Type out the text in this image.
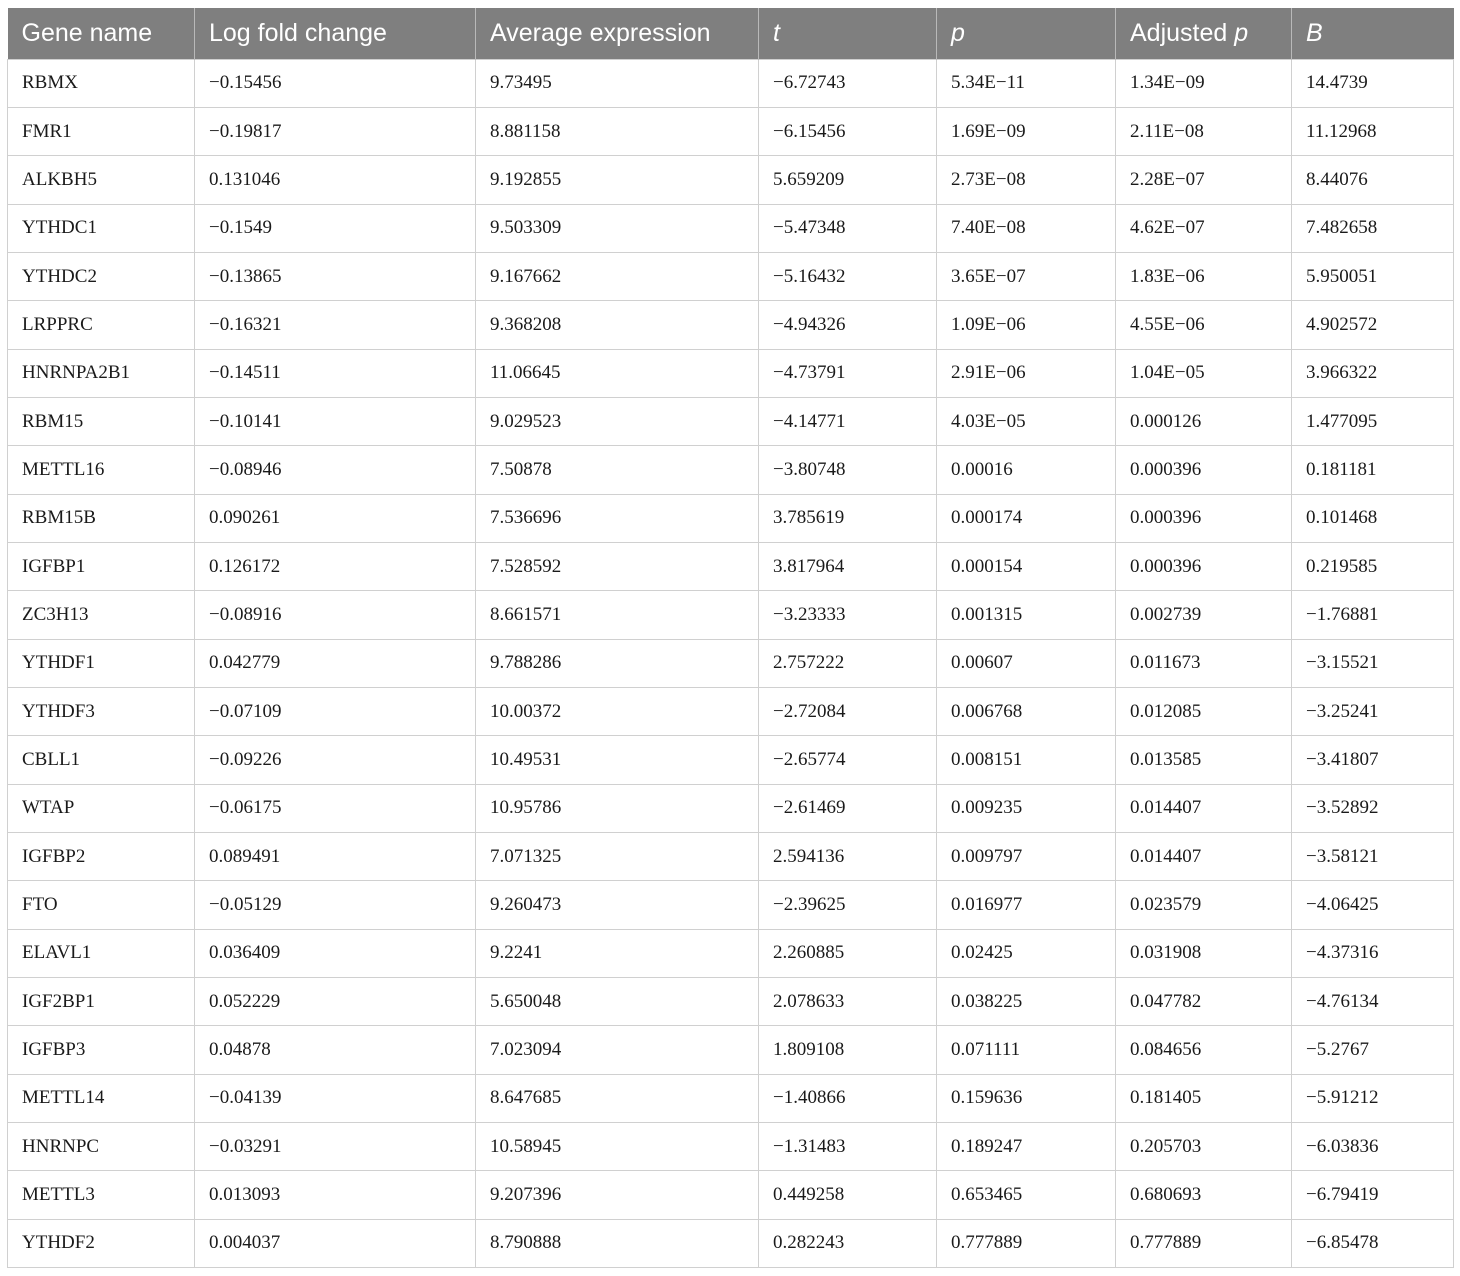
Gene name	Log fold change	Average expression	t	p	Adjusted p	B
RBMX	−0.15456	9.73495	−6.72743	5.34E−11	1.34E−09	14.4739
FMR1	−0.19817	8.881158	−6.15456	1.69E−09	2.11E−08	11.12968
ALKBH5	0.131046	9.192855	5.659209	2.73E−08	2.28E−07	8.44076
YTHDC1	−0.1549	9.503309	−5.47348	7.40E−08	4.62E−07	7.482658
YTHDC2	−0.13865	9.167662	−5.16432	3.65E−07	1.83E−06	5.950051
LRPPRC	−0.16321	9.368208	−4.94326	1.09E−06	4.55E−06	4.902572
HNRNPA2B1	−0.14511	11.06645	−4.73791	2.91E−06	1.04E−05	3.966322
RBM15	−0.10141	9.029523	−4.14771	4.03E−05	0.000126	1.477095
METTL16	−0.08946	7.50878	−3.80748	0.00016	0.000396	0.181181
RBM15B	0.090261	7.536696	3.785619	0.000174	0.000396	0.101468
IGFBP1	0.126172	7.528592	3.817964	0.000154	0.000396	0.219585
ZC3H13	−0.08916	8.661571	−3.23333	0.001315	0.002739	−1.76881
YTHDF1	0.042779	9.788286	2.757222	0.00607	0.011673	−3.15521
YTHDF3	−0.07109	10.00372	−2.72084	0.006768	0.012085	−3.25241
CBLL1	−0.09226	10.49531	−2.65774	0.008151	0.013585	−3.41807
WTAP	−0.06175	10.95786	−2.61469	0.009235	0.014407	−3.52892
IGFBP2	0.089491	7.071325	2.594136	0.009797	0.014407	−3.58121
FTO	−0.05129	9.260473	−2.39625	0.016977	0.023579	−4.06425
ELAVL1	0.036409	9.2241	2.260885	0.02425	0.031908	−4.37316
IGF2BP1	0.052229	5.650048	2.078633	0.038225	0.047782	−4.76134
IGFBP3	0.04878	7.023094	1.809108	0.071111	0.084656	−5.2767
METTL14	−0.04139	8.647685	−1.40866	0.159636	0.181405	−5.91212
HNRNPC	−0.03291	10.58945	−1.31483	0.189247	0.205703	−6.03836
METTL3	0.013093	9.207396	0.449258	0.653465	0.680693	−6.79419
YTHDF2	0.004037	8.790888	0.282243	0.777889	0.777889	−6.85478
